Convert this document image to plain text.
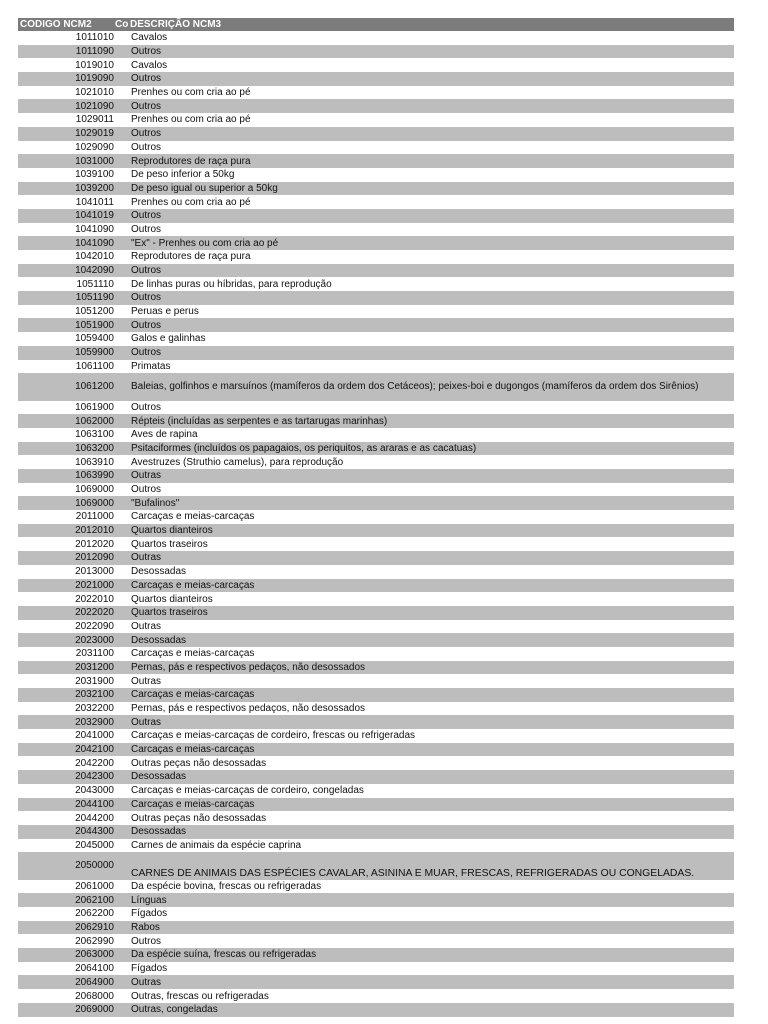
CODIGO NCM2	Co DESCRIÇÃO NCM3
1011010 Cavalos
1011090 Outros
1019010 Cavalos
1019090 Outros
1021010 Prenhes ou com cria ao pé
1021090 Outros
1029011 Prenhes ou com cria ao pé
1029019 Outros
1029090 Outros
1031000 Reprodutores de raça pura
1039100 De peso inferior a 50kg
1039200 De peso igual ou superior a 50kg
1041011 Prenhes ou com cria ao pé
1041019 Outros
1041090 Outros
1041090 "Ex" - Prenhes ou com cria ao pé
1042010 Reprodutores de raça pura
1042090 Outros
1051110 De linhas puras ou híbridas, para reprodução
1051190 Outros
1051200 Peruas e perus
1051900 Outros
1059400 Galos e galinhas
1059900 Outros
1061100 Primatas
1061200 Baleias, golfinhos e marsuínos (mamíferos da ordem dos Cetáceos); peixes-boi e dugongos (mamíferos da ordem dos Sirênios)
1061900 Outros
1062000 Répteis (incluídas as serpentes e as tartarugas marinhas)
1063100 Aves de rapina
1063200 Psitaciformes (incluídos os papagaios, os periquitos, as araras e as cacatuas)
1063910 Avestruzes (Struthio camelus), para reprodução
1063990 Outras
1069000 Outros
1069000 "Bufalinos"
2011000 Carcaças e meias-carcaças
2012010 Quartos dianteiros
2012020 Quartos traseiros
2012090 Outras
2013000 Desossadas
2021000 Carcaças e meias-carcaças
2022010 Quartos dianteiros
2022020 Quartos traseiros
2022090 Outras
2023000 Desossadas
2031100 Carcaças e meias-carcaças
2031200 Pernas, pás e respectivos pedaços, não desossados
2031900 Outras
2032100 Carcaças e meias-carcaças
2032200 Pernas, pás e respectivos pedaços, não desossados
2032900 Outras
2041000 Carcaças e meias-carcaças de cordeiro, frescas ou refrigeradas
2042100 Carcaças e meias-carcaças
2042200 Outras peças não desossadas
2042300 Desossadas
2043000 Carcaças e meias-carcaças de cordeiro, congeladas
2044100 Carcaças e meias-carcaças
2044200 Outras peças não desossadas
2044300 Desossadas
2045000 Carnes de animais da espécie caprina
2050000
CARNES DE ANIMAIS DAS ESPÉCIES CAVALAR, ASININA E MUAR, FRESCAS, REFRIGERADAS OU CONGELADAS.
2061000 Da espécie bovina, frescas ou refrigeradas
2062100 Línguas
2062200 Fígados
2062910 Rabos
2062990 Outros
2063000 Da espécie suína, frescas ou refrigeradas
2064100 Fígados
2064900 Outras
2068000 Outras, frescas ou refrigeradas
2069000 Outras, congeladas
